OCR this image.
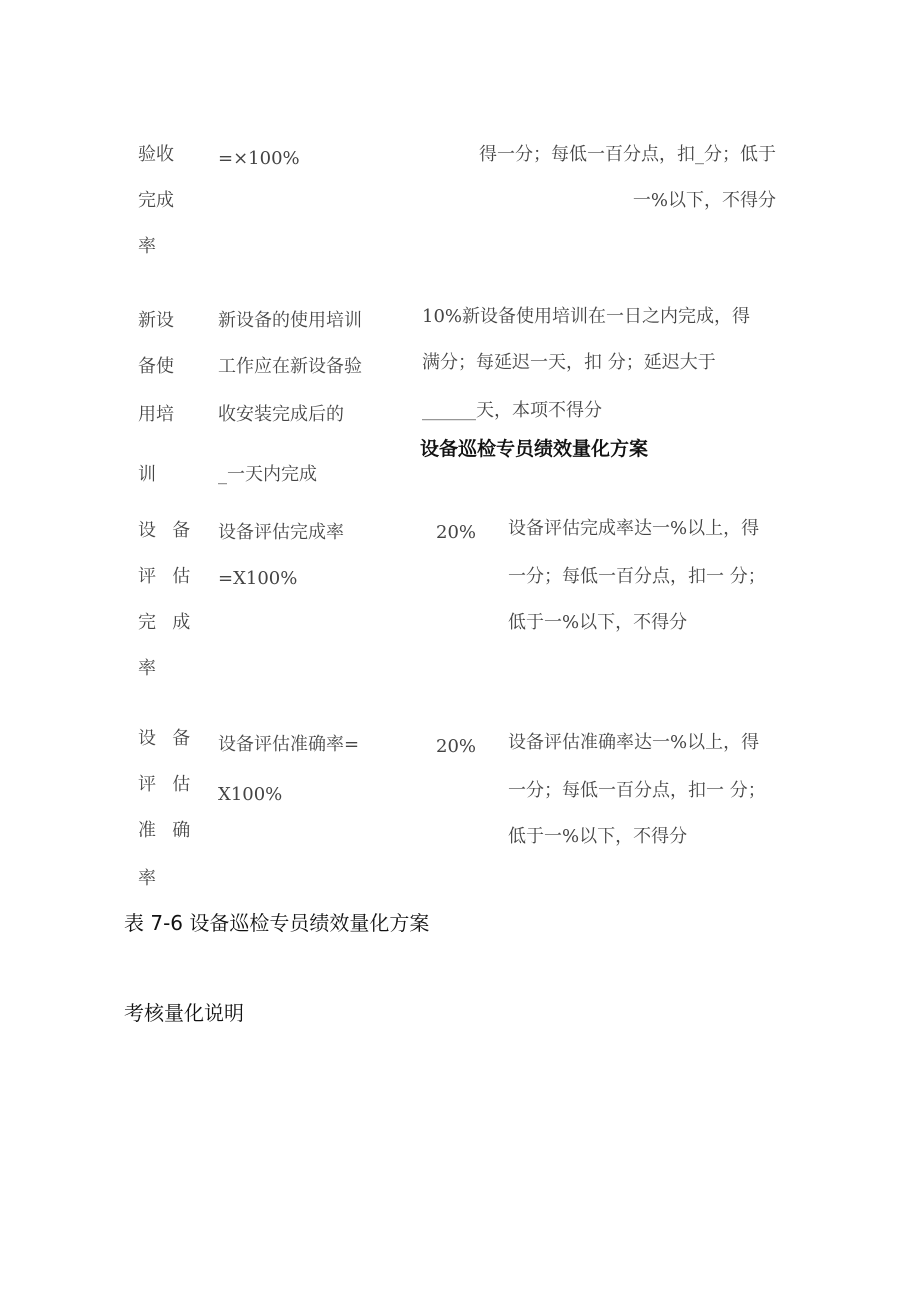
验收
完成
率
=×100%	得一分；每低一百分点，扣_分；低于
一%以下，不得分
新设
备使
用培
训
新设备的使用培训
工作应在新设备验
收安装完成后的
_一天内完成
10%新设备使用培训在一日之内完成，得
满分；每延迟一天，扣 分；延迟大于
______天，本项不得分
设备巡检专员绩效量化方案
设备
评估
完成
率
设备评估完成率
=X100%
20% 设备评估完成率达一%以上，得
一分；每低一百分点，扣一 分；
低于一%以下，不得分
设备
评估
准确
率
设备评估准确率=
X100%
20% 设备评估准确率达一%以上，得
一分；每低一百分点，扣一 分；
低于一%以下，不得分
表 7-6 设备巡检专员绩效量化方案
考核量化说明
